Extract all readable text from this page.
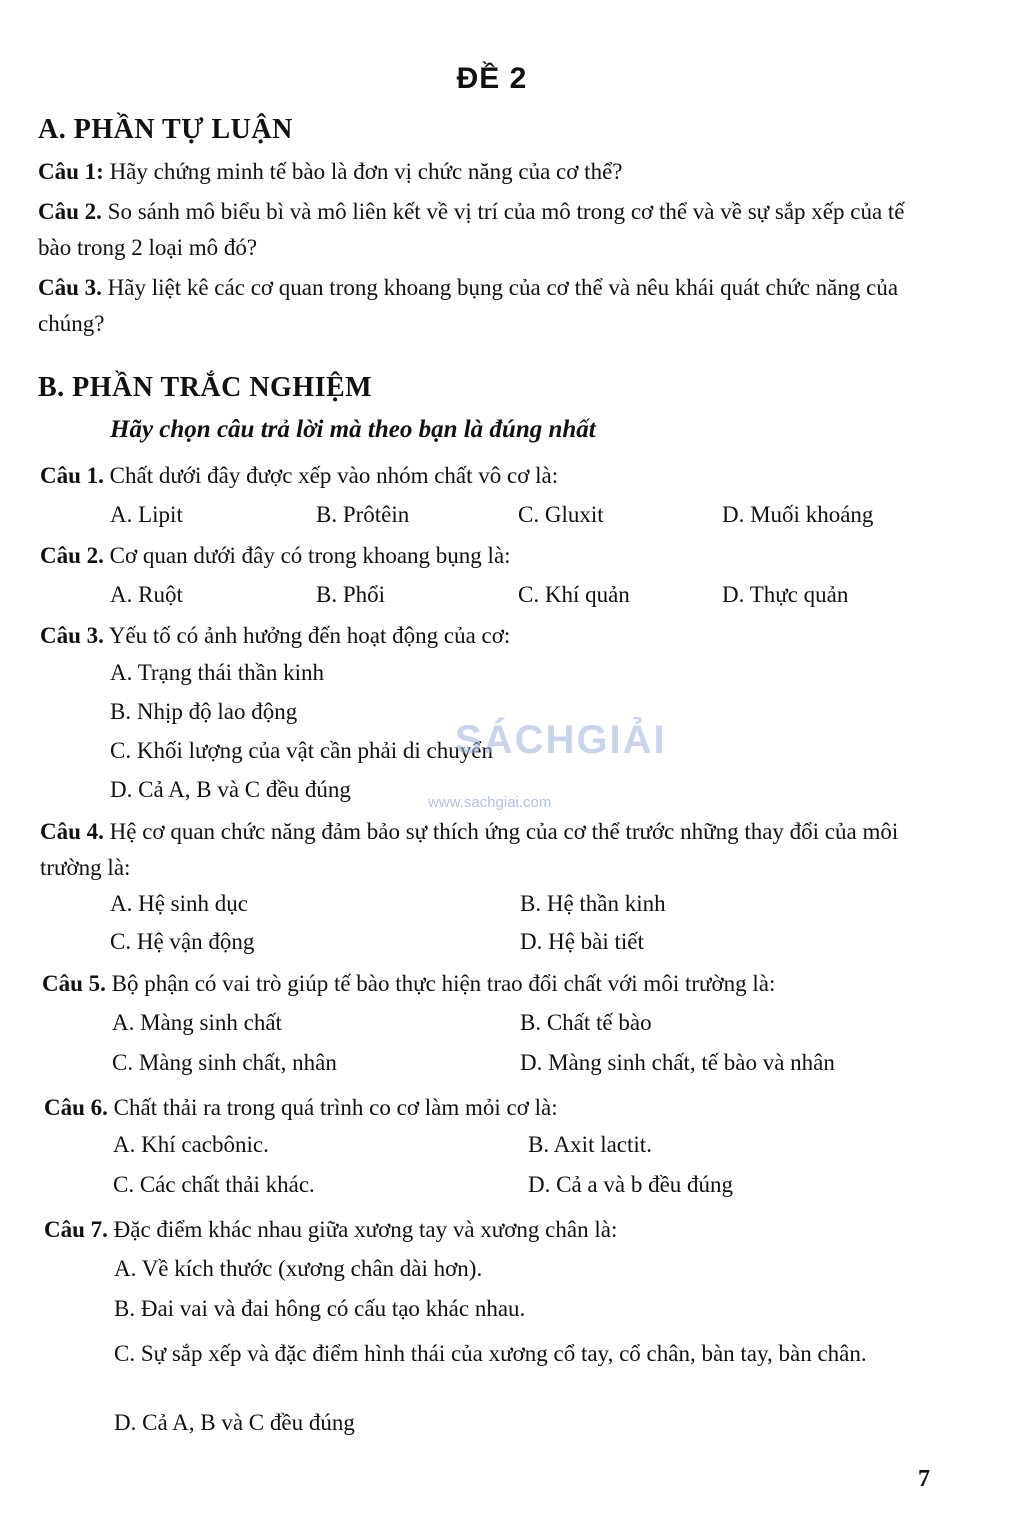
ĐỀ 2
A. PHẦN TỰ LUẬN
Câu 1: Hãy chứng minh tế bào là đơn vị chức năng của cơ thể?
Câu 2. So sánh mô biểu bì và mô liên kết về vị trí của mô trong cơ thể và về sự sắp xếp của tế bào trong 2 loại mô đó?
Câu 3. Hãy liệt kê các cơ quan trong khoang bụng của cơ thể và nêu khái quát chức năng của chúng?
B. PHẦN TRẮC NGHIỆM
Hãy chọn câu trả lời mà theo bạn là đúng nhất
Câu 1. Chất dưới đây được xếp vào nhóm chất vô cơ là:
A. Lipit	B. Prôtêin	C. Gluxit	D. Muối khoáng
Câu 2. Cơ quan dưới đây có trong khoang bụng là:
A. Ruột	B. Phổi	C. Khí quản	D. Thực quản
Câu 3. Yếu tố có ảnh hưởng đến hoạt động của cơ:
A. Trạng thái thần kinh
B. Nhịp độ lao động
C. Khối lượng của vật cần phải di chuyển
D. Cả A, B và C đều đúng
Câu 4. Hệ cơ quan chức năng đảm bảo sự thích ứng của cơ thể trước những thay đổi của môi trường là:
A. Hệ sinh dục	B. Hệ thần kinh
C. Hệ vận động	D. Hệ bài tiết
Câu 5. Bộ phận có vai trò giúp tế bào thực hiện trao đổi chất với môi trường là:
A. Màng sinh chất	B. Chất tế bào
C. Màng sinh chất, nhân	D. Màng sinh chất, tế bào và nhân
Câu 6. Chất thải ra trong quá trình co cơ làm mỏi cơ là:
A. Khí cacbônic.	B. Axit lactit.
C. Các chất thải khác.	D. Cả a và b đều đúng
Câu 7. Đặc điểm khác nhau giữa xương tay và xương chân là:
A. Về kích thước (xương chân dài hơn).
B. Đai vai và đai hông có cấu tạo khác nhau.
C. Sự sắp xếp và đặc điểm hình thái của xương cổ tay, cổ chân, bàn tay, bàn chân.
D. Cả A, B và C đều đúng
SÁCHGIẢI
www.sachgiai.com
7
